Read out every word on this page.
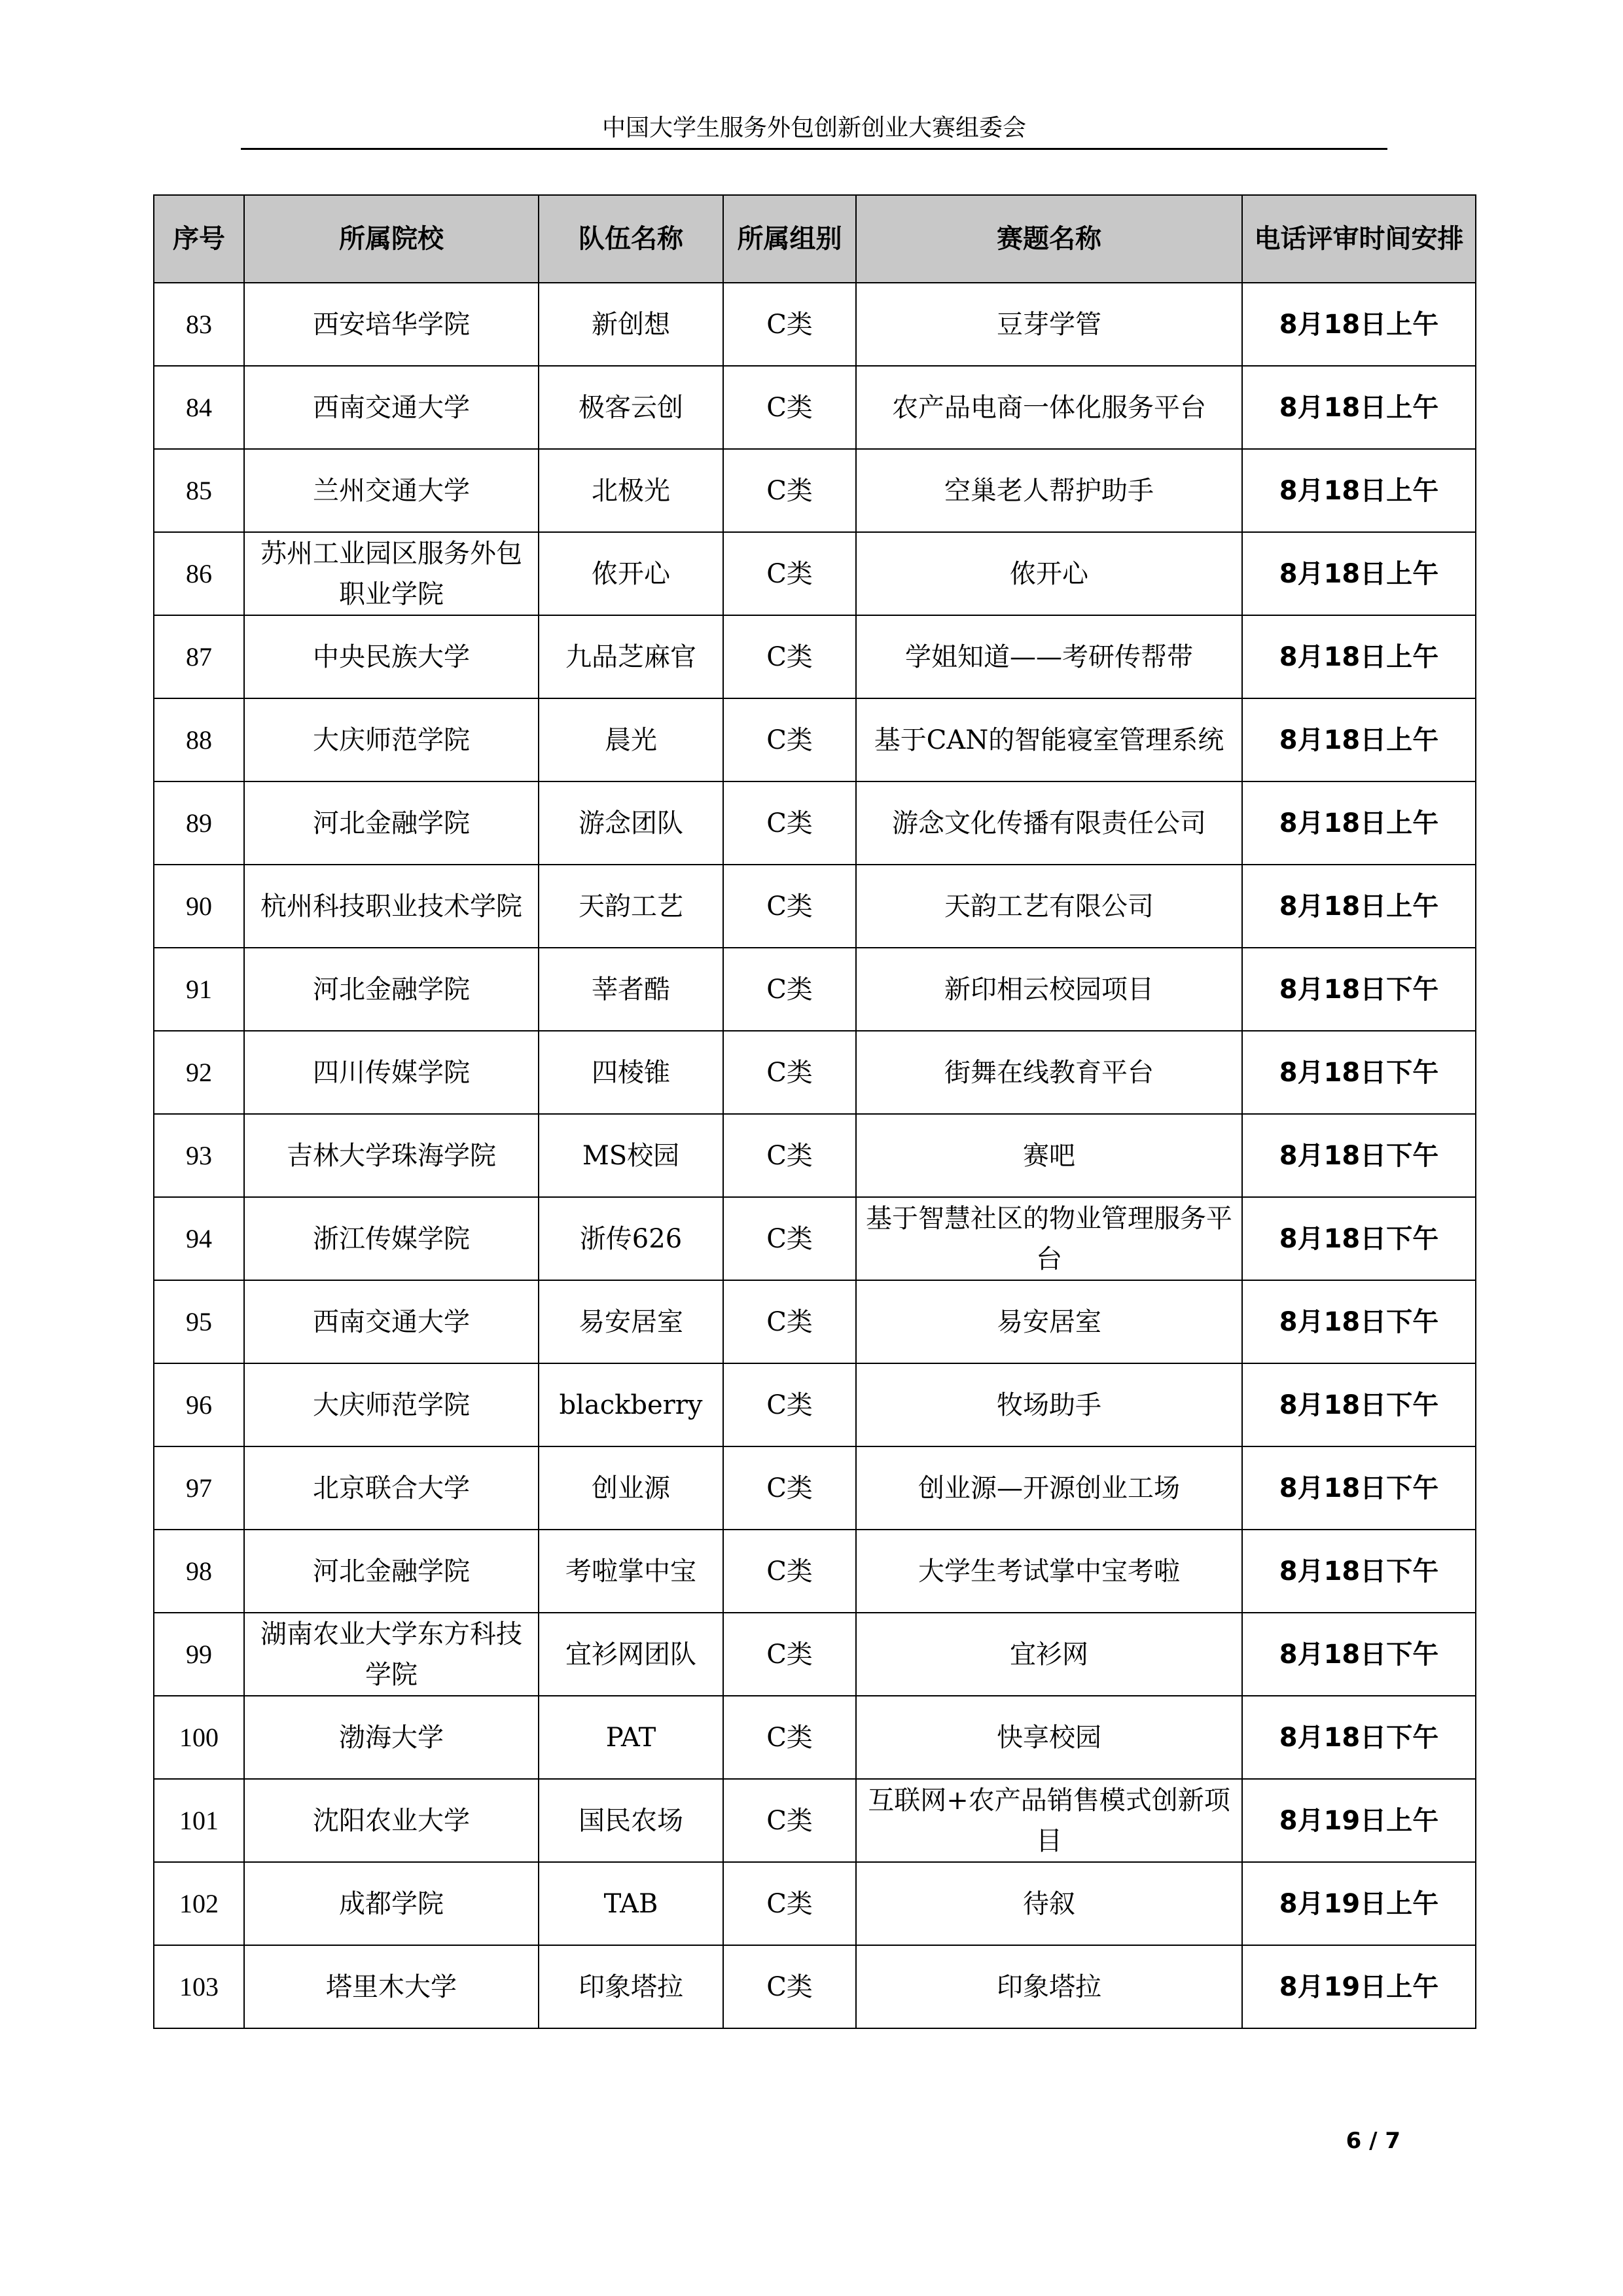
中国大学生服务外包创新创业大赛组委会
序号	所属院校	队伍名称	所属组别	赛题名称	电话评审时间安排
83	西安培华学院	新创想	C类	豆芽学管	8月18日上午
84	西南交通大学	极客云创	C类	农产品电商一体化服务平台	8月18日上午
85	兰州交通大学	北极光	C类	空巢老人帮护助手	8月18日上午
86	苏州工业园区服务外包职业学院	侬开心	C类	侬开心	8月18日上午
87	中央民族大学	九品芝麻官	C类	学姐知道——考研传帮带	8月18日上午
88	大庆师范学院	晨光	C类	基于CAN的智能寝室管理系统	8月18日上午
89	河北金融学院	游念团队	C类	游念文化传播有限责任公司	8月18日上午
90	杭州科技职业技术学院	天韵工艺	C类	天韵工艺有限公司	8月18日上午
91	河北金融学院	莘者酷	C类	新印相云校园项目	8月18日下午
92	四川传媒学院	四棱锥	C类	街舞在线教育平台	8月18日下午
93	吉林大学珠海学院	MS校园	C类	赛吧	8月18日下午
94	浙江传媒学院	浙传626	C类	基于智慧社区的物业管理服务平台	8月18日下午
95	西南交通大学	易安居室	C类	易安居室	8月18日下午
96	大庆师范学院	blackberry	C类	牧场助手	8月18日下午
97	北京联合大学	创业源	C类	创业源—开源创业工场	8月18日下午
98	河北金融学院	考啦掌中宝	C类	大学生考试掌中宝考啦	8月18日下午
99	湖南农业大学东方科技学院	宜衫网团队	C类	宜衫网	8月18日下午
100	渤海大学	PAT	C类	快享校园	8月18日下午
101	沈阳农业大学	国民农场	C类	互联网+农产品销售模式创新项目	8月19日上午
102	成都学院	TAB	C类	待叙	8月19日上午
103	塔里木大学	印象塔拉	C类	印象塔拉	8月19日上午
6 / 7
